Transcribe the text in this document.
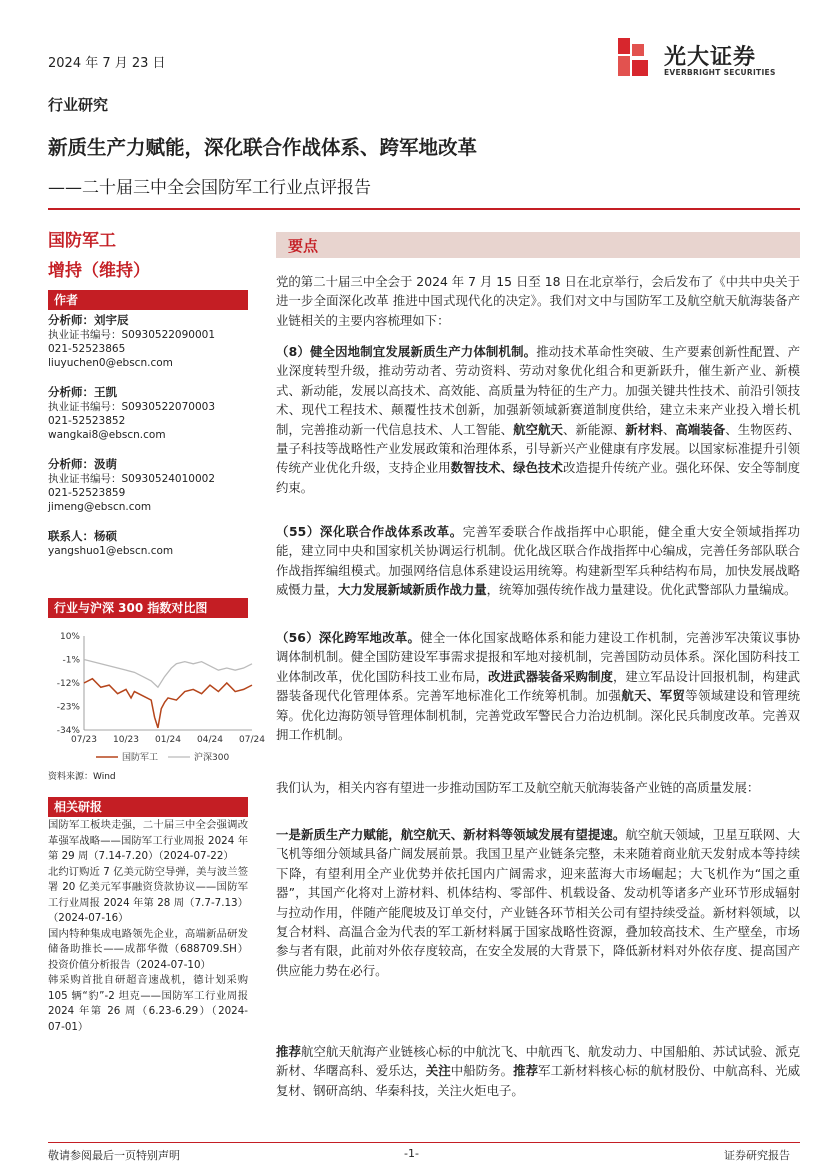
2024 年 7 月 23 日	光大证券
EVERBRIGHT SECURITIES
行业研究
新质生产力赋能，深化联合作战体系、跨军地改革
——二十届三中全会国防军工行业点评报告
国防军工
增持（维持）
作者
分析师：刘宇辰
执业证书编号：S0930522090001
021-52523865
liuyuchen0@ebscn.com
分析师：王凯
执业证书编号：S0930522070003
021-52523852
wangkai8@ebscn.com
分析师：汲萌
执业证书编号：S0930524010002
021-52523859
jimeng@ebscn.com
联系人：杨硕
yangshuo1@ebscn.com
行业与沪深 300 指数对比图
10%
-1%
-12%
-23%
-34%
07/23 10/23 01/24 04/24 07/24
国防军工	沪深300
资料来源：Wind
相关研报
国防军工板块走强，二十届三中全会强调改革强军战略——国防军工行业周报 2024 年第 29 周（7.14-7.20）（2024-07-22）
北约订购近 7 亿美元防空导弹，美与波兰签署 20 亿美元军事融资贷款协议——国防军工行业周报 2024 年第 28 周（7.7-7.13）（2024-07-16）
国内特种集成电路领先企业，高端新品研发储备助推长——成都华微（688709.SH）投资价值分析报告（2024-07-10）
韩采购首批自研超音速战机，德计划采购 105 辆“豹”-2 坦克——国防军工行业周报 2024 年第 26 周（6.23-6.29）（2024-07-01）
要点
党的第二十届三中全会于 2024 年 7 月 15 日至 18 日在北京举行，会后发布了《中共中央关于进一步全面深化改革 推进中国式现代化的决定》。我们对文中与国防军工及航空航天航海装备产业链相关的主要内容梳理如下：
（8）健全因地制宜发展新质生产力体制机制。推动技术革命性突破、生产要素创新性配置、产业深度转型升级，推动劳动者、劳动资料、劳动对象优化组合和更新跃升，催生新产业、新模式、新动能，发展以高技术、高效能、高质量为特征的生产力。加强关键共性技术、前沿引领技术、现代工程技术、颠覆性技术创新，加强新领域新赛道制度供给，建立未来产业投入增长机制，完善推动新一代信息技术、人工智能、航空航天、新能源、新材料、高端装备、生物医药、量子科技等战略性产业发展政策和治理体系，引导新兴产业健康有序发展。以国家标准提升引领传统产业优化升级，支持企业用数智技术、绿色技术改造提升传统产业。强化环保、安全等制度约束。
（55）深化联合作战体系改革。完善军委联合作战指挥中心职能，健全重大安全领域指挥功能，建立同中央和国家机关协调运行机制。优化战区联合作战指挥中心编成，完善任务部队联合作战指挥编组模式。加强网络信息体系建设运用统筹。构建新型军兵种结构布局，加快发展战略威慑力量，大力发展新域新质作战力量，统筹加强传统作战力量建设。优化武警部队力量编成。
（56）深化跨军地改革。健全一体化国家战略体系和能力建设工作机制，完善涉军决策议事协调体制机制。健全国防建设军事需求提报和军地对接机制，完善国防动员体系。深化国防科技工业体制改革，优化国防科技工业布局，改进武器装备采购制度，建立军品设计回报机制，构建武器装备现代化管理体系。完善军地标准化工作统筹机制。加强航天、军贸等领域建设和管理统筹。优化边海防领导管理体制机制，完善党政军警民合力治边机制。深化民兵制度改革。完善双拥工作机制。
我们认为，相关内容有望进一步推动国防军工及航空航天航海装备产业链的高质量发展：
一是新质生产力赋能，航空航天、新材料等领域发展有望提速。航空航天领域，卫星互联网、大飞机等细分领域具备广阔发展前景。我国卫星产业链条完整，未来随着商业航天发射成本等持续下降，有望利用全产业优势并依托国内广阔需求，迎来蓝海大市场崛起；大飞机作为“国之重器”，其国产化将对上游材料、机体结构、零部件、机载设备、发动机等诸多产业环节形成辐射与拉动作用，伴随产能爬坡及订单交付，产业链各环节相关公司有望持续受益。新材料领域，以复合材料、高温合金为代表的军工新材料属于国家战略性资源，叠加较高技术、生产壁垒，市场参与者有限，此前对外依存度较高，在安全发展的大背景下，降低新材料对外依存度、提高国产供应能力势在必行。
推荐航空航天航海产业链核心标的中航沈飞、中航西飞、航发动力、中国船舶、苏试试验、派克新材、华曙高科、爱乐达，关注中船防务。推荐军工新材料核心标的航材股份、中航高科、光威复材、钢研高纳、华秦科技，关注火炬电子。
敬请参阅最后一页特别声明	-1-	证券研究报告
